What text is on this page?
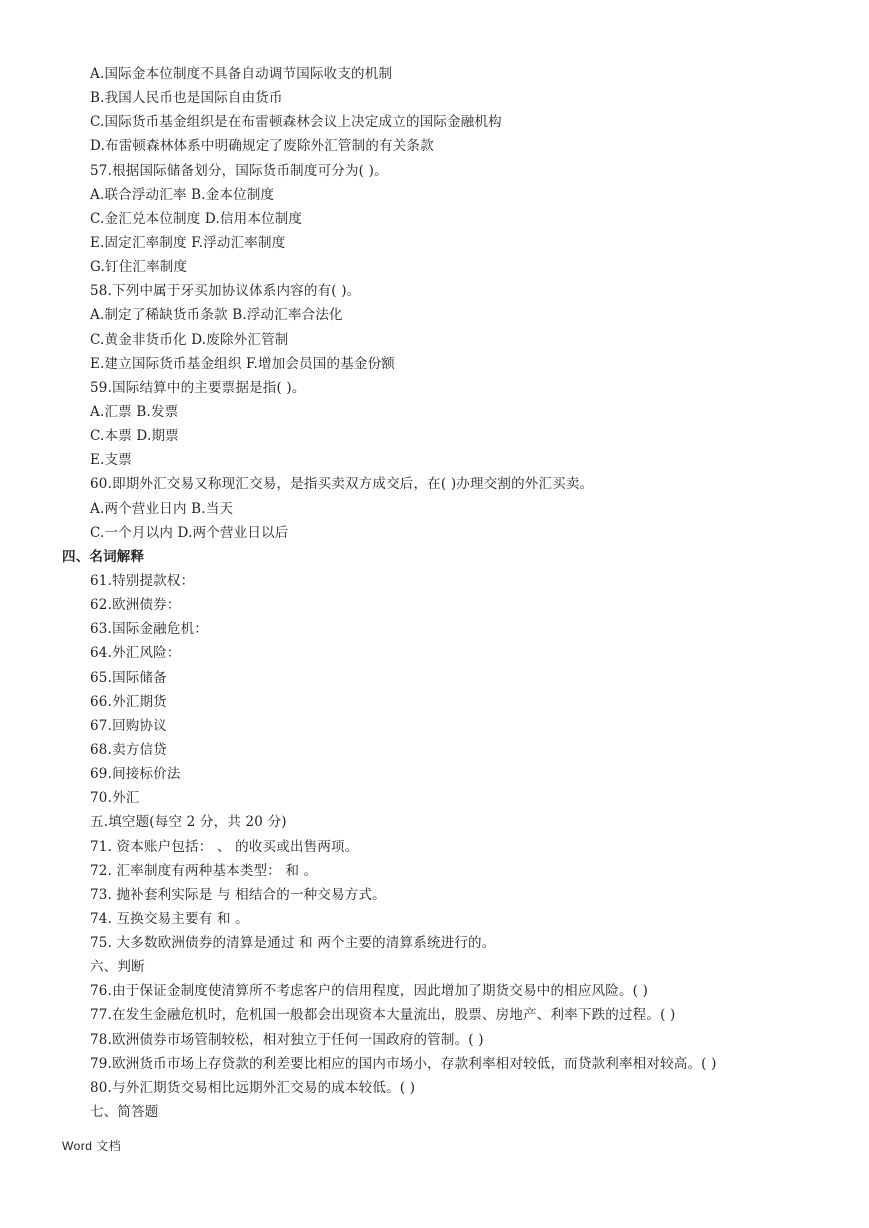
A.国际金本位制度不具备自动调节国际收支的机制
B.我国人民币也是国际自由货币
C.国际货币基金组织是在布雷顿森林会议上决定成立的国际金融机构
D.布雷顿森林体系中明确规定了废除外汇管制的有关条款
57.根据国际储备划分，国际货币制度可分为( )。
A.联合浮动汇率 B.金本位制度
C.金汇兑本位制度 D.信用本位制度
E.固定汇率制度 F.浮动汇率制度
G.钉住汇率制度
58.下列中属于牙买加协议体系内容的有( )。
A.制定了稀缺货币条款 B.浮动汇率合法化
C.黄金非货币化 D.废除外汇管制
E.建立国际货币基金组织 F.增加会员国的基金份额
59.国际结算中的主要票据是指( )。
A.汇票 B.发票
C.本票 D.期票
E.支票
60.即期外汇交易又称现汇交易，是指买卖双方成交后，在( )办理交割的外汇买卖。
A.两个营业日内 B.当天
C.一个月以内 D.两个营业日以后
四、名词解释
61.特别提款权：
62.欧洲债券：
63.国际金融危机：
64.外汇风险：
65.国际储备
66.外汇期货
67.回购协议
68.卖方信贷
69.间接标价法
70.外汇
五.填空题(每空 2 分，共 20 分)
71. 资本账户包括： 、 的收买或出售两项。
72. 汇率制度有两种基本类型： 和 。
73. 抛补套利实际是 与 相结合的一种交易方式。
74. 互换交易主要有 和 。
75. 大多数欧洲债券的清算是通过 和 两个主要的清算系统进行的。
六、判断
76.由于保证金制度使清算所不考虑客户的信用程度，因此增加了期货交易中的相应风险。( )
77.在发生金融危机时，危机国一般都会出现资本大量流出，股票、房地产、利率下跌的过程。( )
78.欧洲债券市场管制较松，相对独立于任何一国政府的管制。( )
79.欧洲货币市场上存贷款的利差要比相应的国内市场小，存款利率相对较低，而贷款利率相对较高。( )
80.与外汇期货交易相比远期外汇交易的成本较低。( )
七、简答题
Word 文档
